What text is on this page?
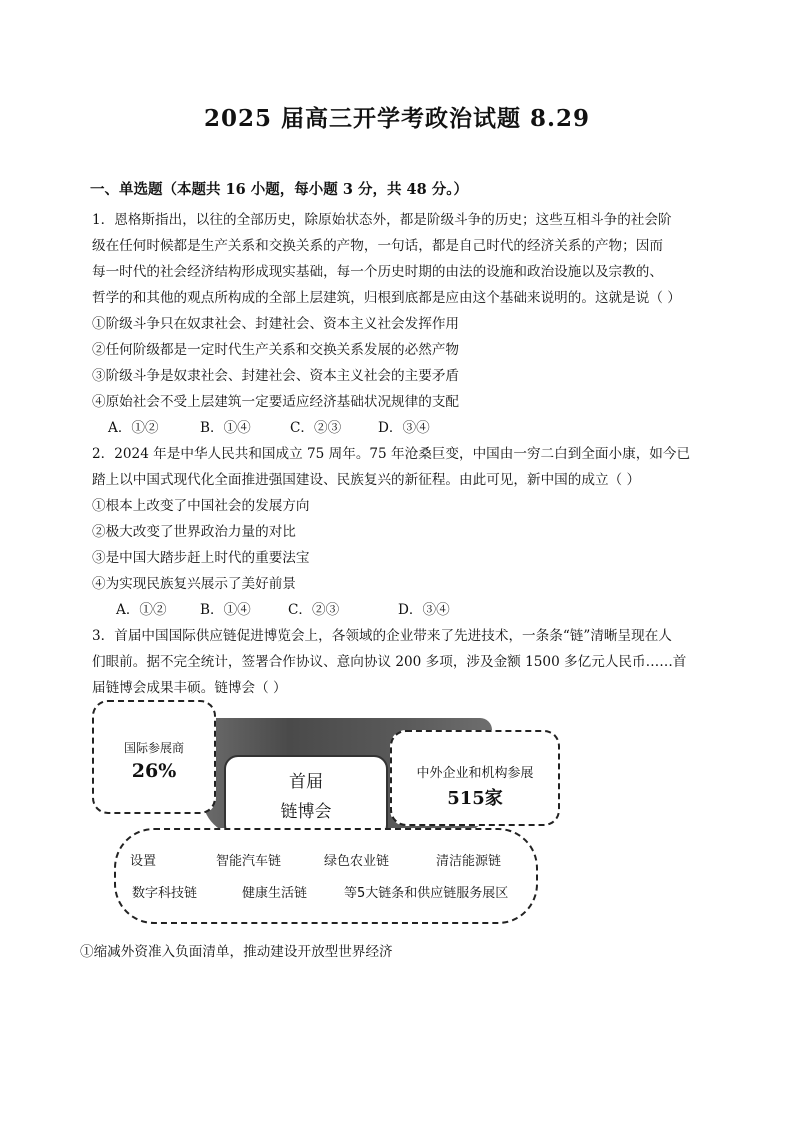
2025 届高三开学考政治试题 8.29
一、单选题（本题共 16 小题，每小题 3 分，共 48 分。）
1．恩格斯指出，以往的全部历史，除原始状态外，都是阶级斗争的历史；这些互相斗争的社会阶
级在任何时候都是生产关系和交换关系的产物，一句话，都是自己时代的经济关系的产物；因而
每一时代的社会经济结构形成现实基础，每一个历史时期的由法的设施和政治设施以及宗教的、
哲学的和其他的观点所构成的全部上层建筑，归根到底都是应由这个基础来说明的。这就是说（ ）
①阶级斗争只在奴隶社会、封建社会、资本主义社会发挥作用
②任何阶级都是一定时代生产关系和交换关系发展的必然产物
③阶级斗争是奴隶社会、封建社会、资本主义社会的主要矛盾
④原始社会不受上层建筑一定要适应经济基础状况规律的支配
A．①②	B．①④	C．②③	D．③④
2．2024 年是中华人民共和国成立 75 周年。75 年沧桑巨变，中国由一穷二白到全面小康，如今已
踏上以中国式现代化全面推进强国建设、民族复兴的新征程。由此可见，新中国的成立（ ）
①根本上改变了中国社会的发展方向
②极大改变了世界政治力量的对比
③是中国大踏步赶上时代的重要法宝
④为实现民族复兴展示了美好前景
A．①② B．①④	C．②③	D．③④
3．首届中国国际供应链促进博览会上，各领域的企业带来了先进技术，一条条“链”清晰呈现在人
们眼前。据不完全统计，签署合作协议、意向协议 200 多项，涉及金额 1500 多亿元人民币……首
届链博会成果丰硕。链博会（ ）
国际参展商
26%	首届
链博会
中外企业和机构参展
515家
设置	智能汽车链	绿色农业链	清洁能源链
数字科技链	健康生活链	等5大链条和供应链服务展区
①缩减外资准入负面清单，推动建设开放型世界经济
